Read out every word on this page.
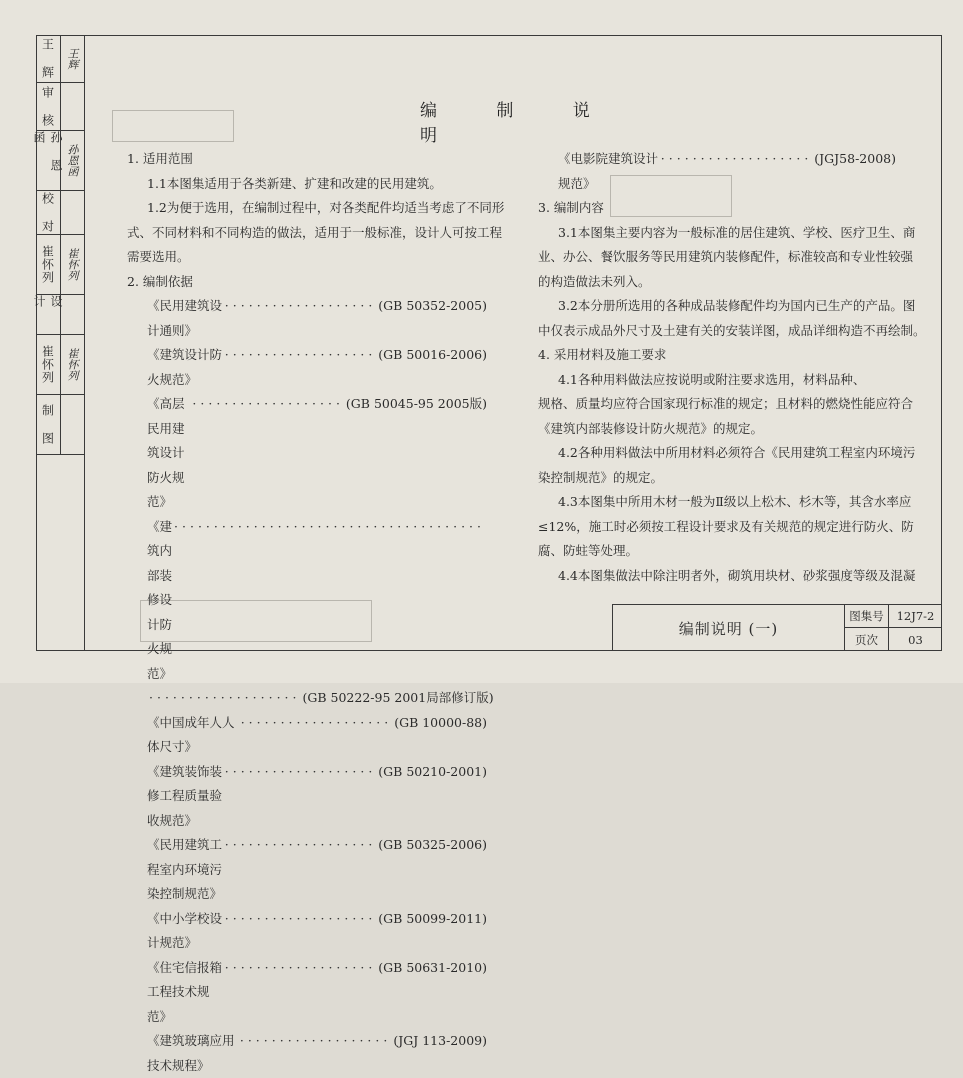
王 辉	王辉
审 核
孙 恩 函
孙恩函
校 对
崔怀列	崔怀列
设 计
崔怀列	崔怀列
制 图
编 制 说 明

1. 适用范围

1.1本图集适用于各类新建、扩建和改建的民用建筑。

1.2为便于选用，在编制过程中，对各类配件均适当考虑了不同形

式、不同材料和不同构造的做法，适用于一般标准，设计人可按工程

需要选用。

2. 编制依据

《民用建筑设计通则》
··················· (GB 50352-2005)
《建筑设计防火规范》
··················· (GB 50016-2006)
《高层民用建筑设计防火规范》
··················· (GB 50045-95 2005版)
《建筑内部装修设计防火规范》
·······································
··················· (GB 50222-95 2001局部修订版)
《中国成年人人体尺寸》
··················· (GB 10000-88)
《建筑装饰装修工程质量验收规范》
··················· (GB 50210-2001)
《民用建筑工程室内环境污染控制规范》
··················· (GB 50325-2006)
《中小学校设计规范》
··················· (GB 50099-2011)
《住宅信报箱工程技术规范》
··················· (GB 50631-2010)
《建筑玻璃应用技术规程》
··················· (JGJ 113-2009)
《电影院建筑设计规范》
··················· (JGJ58-2008)

3. 编制内容

3.1本图集主要内容为一般标准的居住建筑、学校、医疗卫生、商

业、办公、餐饮服务等民用建筑内装修配件，标准较高和专业性较强

的构造做法未列入。

3.2本分册所选用的各种成品装修配件均为国内已生产的产品。图

中仅表示成品外尺寸及土建有关的安装详图，成品详细构造不再绘制。

4. 采用材料及施工要求

4.1各种用料做法应按说明或附注要求选用，材料品种、

规格、质量均应符合国家现行标准的规定；且材料的燃烧性能应符合

《建筑内部装修设计防火规范》的规定。

4.2各种用料做法中所用材料必须符合《民用建筑工程室内环境污

染控制规范》的规定。

4.3本图集中所用木材一般为Ⅱ级以上松木、杉木等，其含水率应

≤12%，施工时必须按工程设计要求及有关规范的规定进行防火、防

腐、防蛀等处理。

4.4本图集做法中除注明者外，砌筑用块材、砂浆强度等级及混凝

编制说明 (一)
图集号	12J7-2
页次	03
